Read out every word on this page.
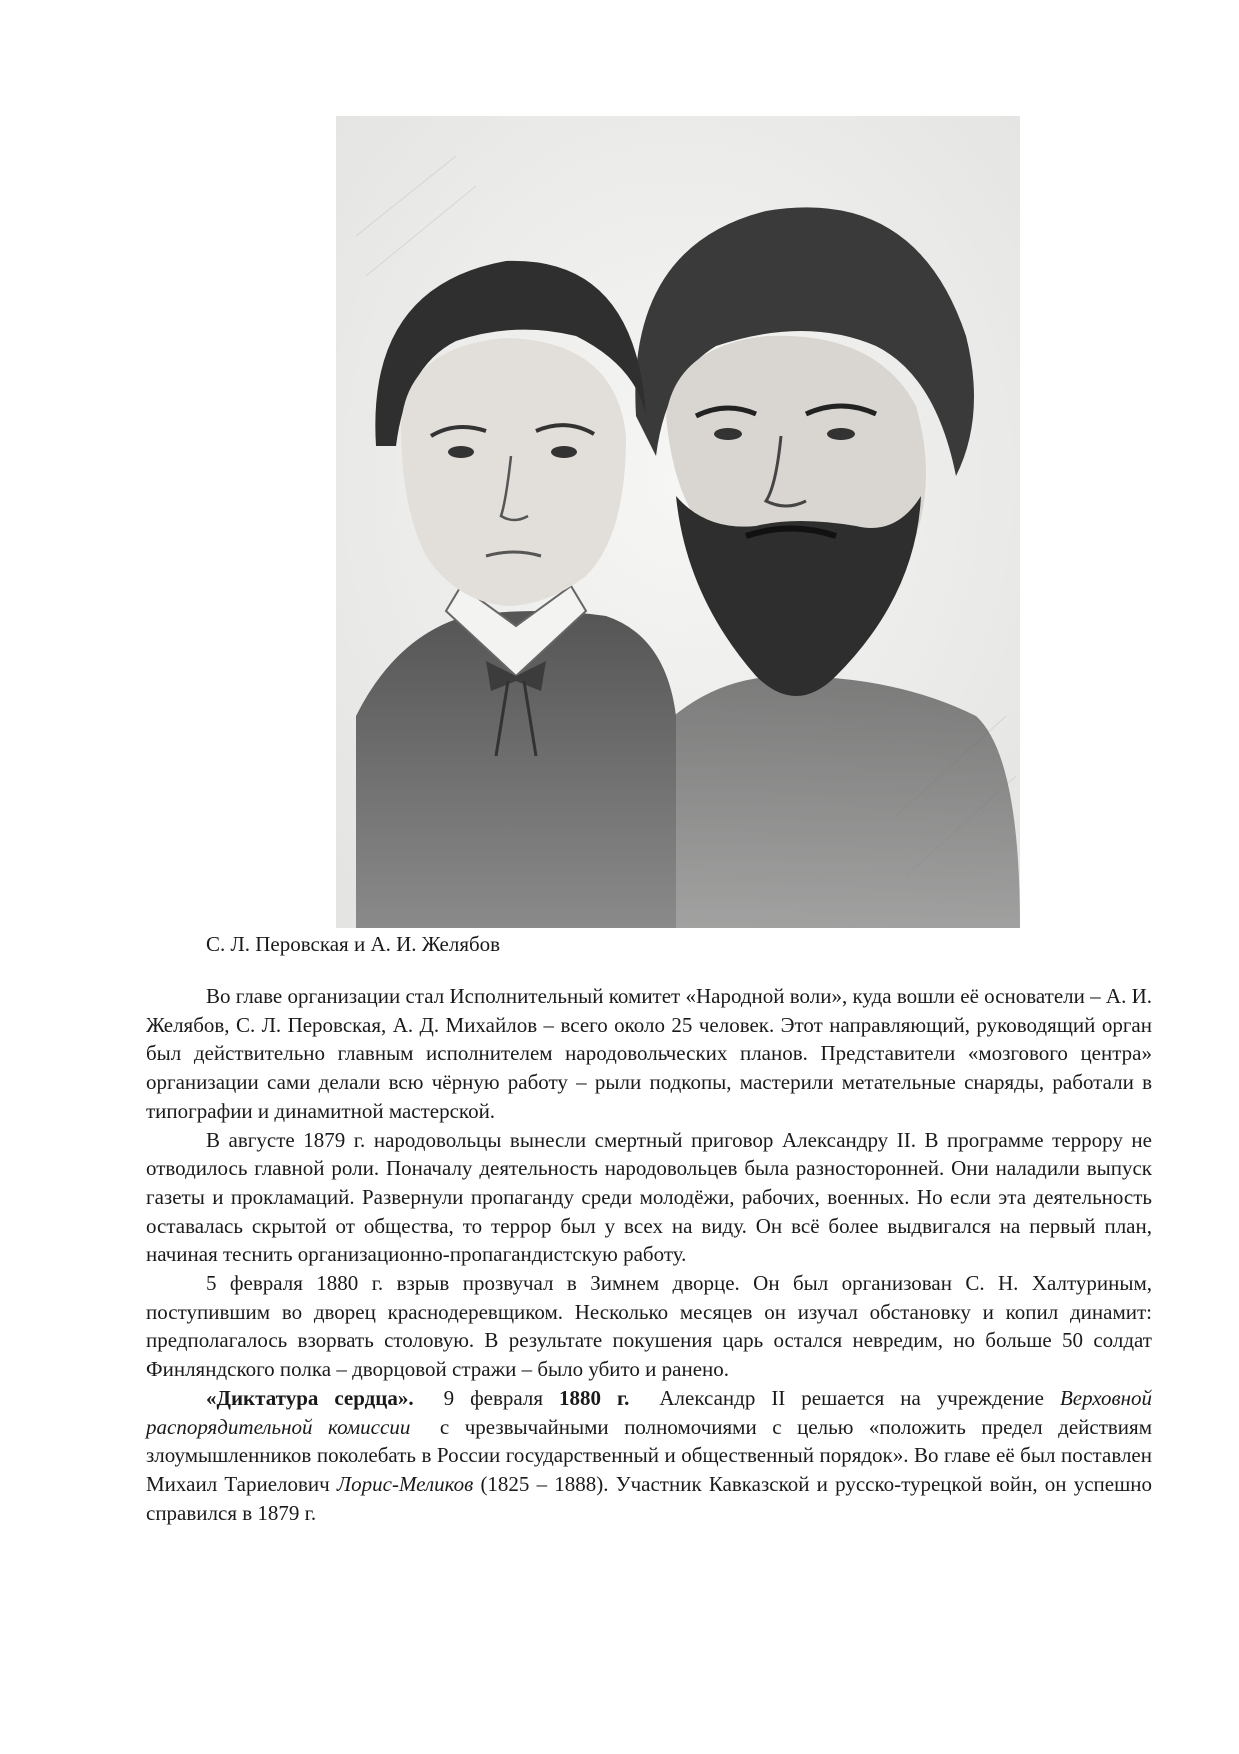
С. Л. Перовская и А. И. Желябов

Во главе организации стал Исполнительный комитет «Народной воли», куда вошли её основатели – А. И. Желябов, С. Л. Перовская, А. Д. Михайлов – всего около 25 человек. Этот направляющий, руководящий орган был действительно главным исполнителем народовольческих планов. Представители «мозгового центра» организации сами делали всю чёрную работу – рыли подкопы, мастерили метательные снаряды, работали в типографии и динамитной мастерской.

В августе 1879 г. народовольцы вынесли смертный приговор Александру II. В программе террору не отводилось главной роли. Поначалу деятельность народовольцев была разносторонней. Они наладили выпуск газеты и прокламаций. Развернули пропаганду среди молодёжи, рабочих, военных. Но если эта деятельность оставалась скрытой от общества, то террор был у всех на виду. Он всё более выдвигался на первый план, начиная теснить организационно-пропагандистскую работу.

5 февраля 1880 г. взрыв прозвучал в Зимнем дворце. Он был организован С. Н. Халтуриным, поступившим во дворец краснодеревщиком. Несколько месяцев он изучал обстановку и копил динамит: предполагалось взорвать столовую. В результате покушения царь остался невредим, но больше 50 солдат Финляндского полка – дворцовой стражи – было убито и ранено.

«Диктатура сердца». 9 февраля 1880 г. Александр II решается на учреждение Верховной распорядительной комиссии с чрезвычайными полномочиями с целью «положить предел действиям злоумышленников поколебать в России государственный и общественный порядок». Во главе её был поставлен Михаил Тариелович Лорис-Меликов (1825 – 1888). Участник Кавказской и русско-турецкой войн, он успешно справился в 1879 г.
